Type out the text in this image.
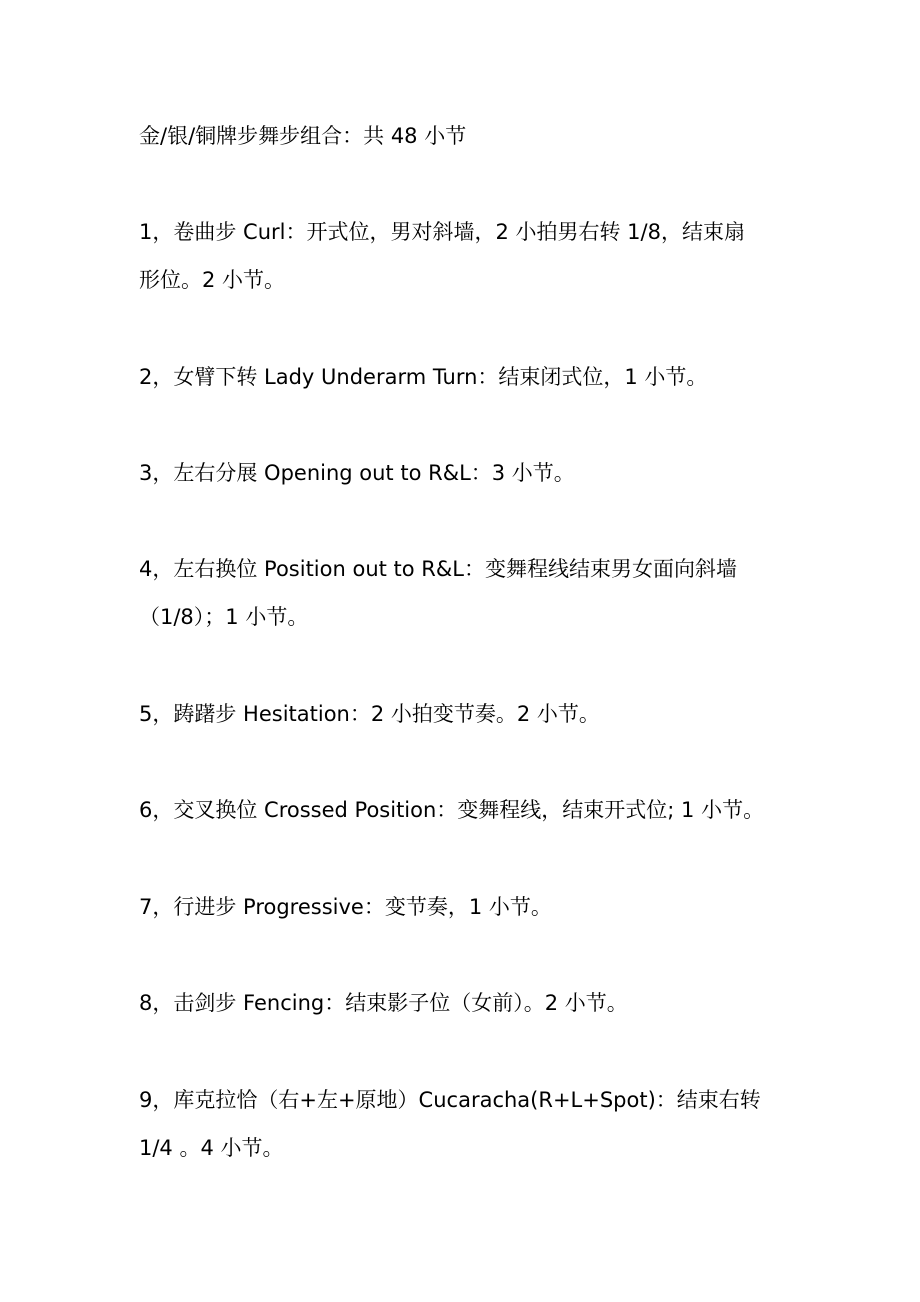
金/银/铜牌步舞步组合：共 48 小节
1，卷曲步 Curl：开式位，男对斜墙，2 小拍男右转 1/8，结束扇
形位。2 小节。
2，女臂下转 Lady Underarm Turn：结束闭式位，1 小节。
3，左右分展 Opening out to R&L：3 小节。
4，左右换位 Position out to R&L：变舞程线结束男女面向斜墙
（1/8）；1 小节。
5，踌躇步 Hesitation：2 小拍变节奏。2 小节。
6，交叉换位 Crossed Position：变舞程线，结束开式位; 1 小节。
7，行进步 Progressive：变节奏，1 小节。
8，击剑步 Fencing：结束影子位（女前）。2 小节。
9，库克拉恰（右+左+原地）Cucaracha(R+L+Spot)：结束右转
1/4 。4 小节。
